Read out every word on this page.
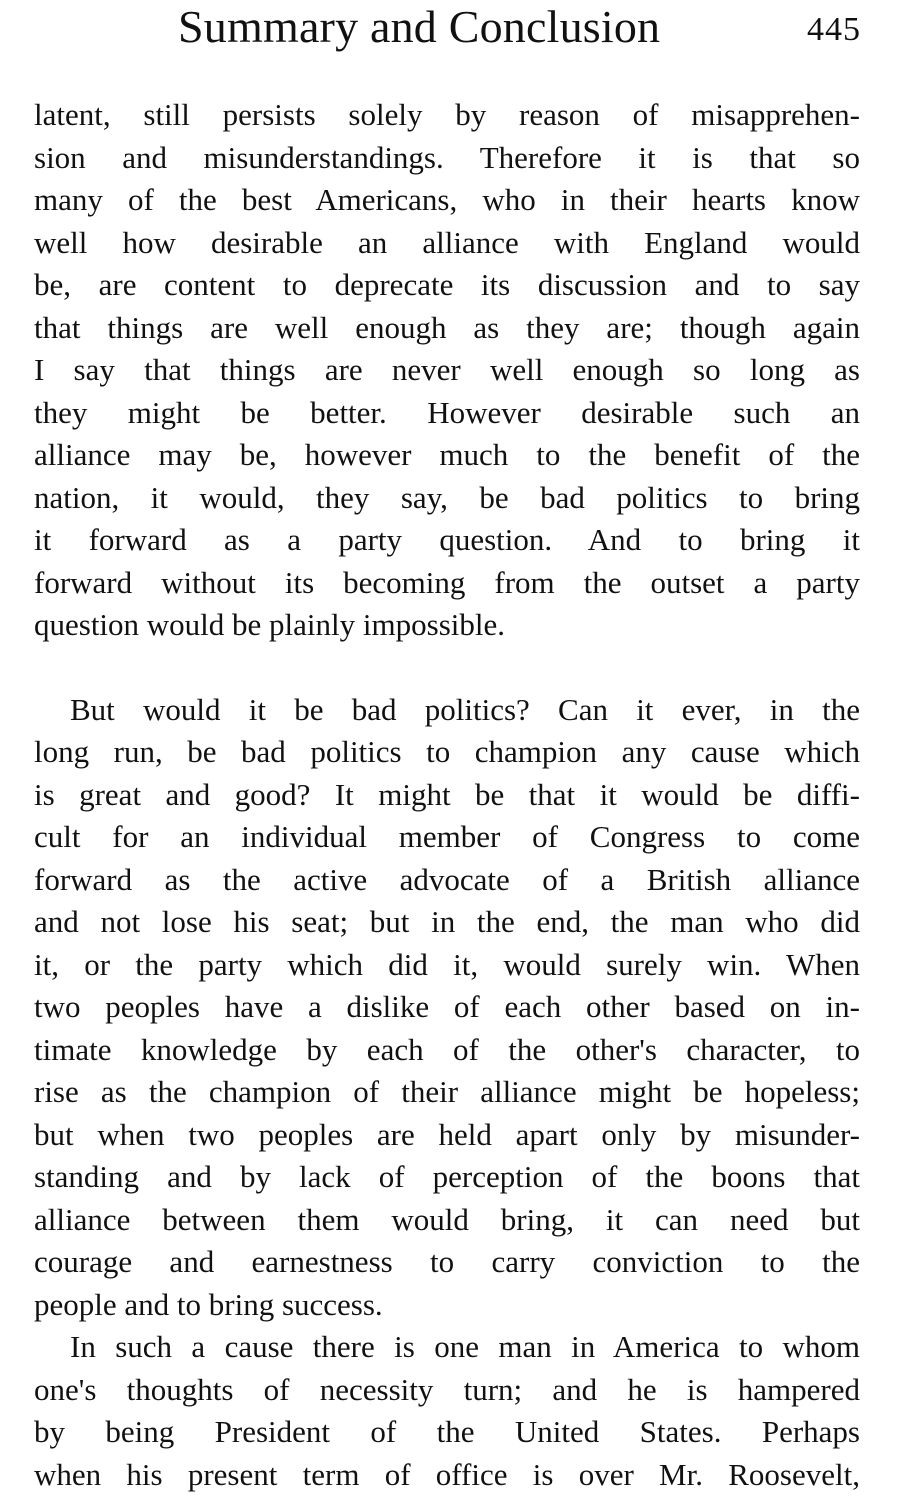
Summary and Conclusion	445
latent, still persists solely by reason of misapprehen-
sion and misunderstandings. Therefore it is that so
many of the best Americans, who in their hearts know
well how desirable an alliance with England would
be, are content to deprecate its discussion and to say
that things are well enough as they are; though again
I say that things are never well enough so long as
they might be better. However desirable such an
alliance may be, however much to the benefit of the
nation, it would, they say, be bad politics to bring
it forward as a party question. And to bring it
forward without its becoming from the outset a party
question would be plainly impossible.
But would it be bad politics? Can it ever, in the
long run, be bad politics to champion any cause which
is great and good? It might be that it would be diffi-
cult for an individual member of Congress to come
forward as the active advocate of a British alliance
and not lose his seat; but in the end, the man who did
it, or the party which did it, would surely win. When
two peoples have a dislike of each other based on in-
timate knowledge by each of the other's character, to
rise as the champion of their alliance might be hopeless;
but when two peoples are held apart only by misunder-
standing and by lack of perception of the boons that
alliance between them would bring, it can need but
courage and earnestness to carry conviction to the
people and to bring success.
In such a cause there is one man in America to whom
one's thoughts of necessity turn; and he is hampered
by being President of the United States. Perhaps
when his present term of office is over Mr. Roosevelt,
